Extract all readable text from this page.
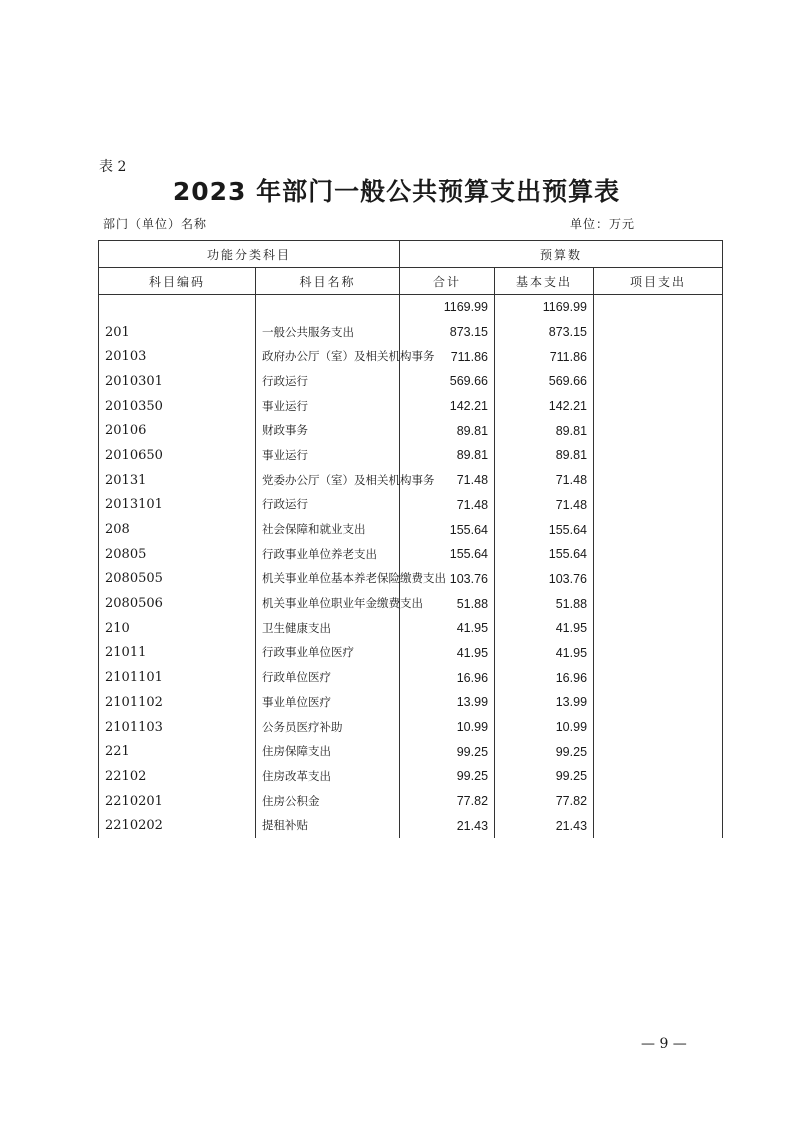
表 2
2023 年部门一般公共预算支出预算表
部门（单位）名称	单位：万元
功能分类科目		预算数		
科目编码	科目名称	合计	基本支出	项目支出
		1169.99	1169.99	
201	一般公共服务支出	873.15	873.15	
20103	政府办公厅（室）及相关机构事务	711.86	711.86	
2010301	行政运行	569.66	569.66	
2010350	事业运行	142.21	142.21	
20106	财政事务	89.81	89.81	
2010650	事业运行	89.81	89.81	
20131	党委办公厅（室）及相关机构事务	71.48	71.48	
2013101	行政运行	71.48	71.48	
208	社会保障和就业支出	155.64	155.64	
20805	行政事业单位养老支出	155.64	155.64	
2080505	机关事业单位基本养老保险缴费支出	103.76	103.76	
2080506	机关事业单位职业年金缴费支出	51.88	51.88	
210	卫生健康支出	41.95	41.95	
21011	行政事业单位医疗	41.95	41.95	
2101101	行政单位医疗	16.96	16.96	
2101102	事业单位医疗	13.99	13.99	
2101103	公务员医疗补助	10.99	10.99	
221	住房保障支出	99.25	99.25	
22102	住房改革支出	99.25	99.25	
2210201	住房公积金	77.82	77.82	
2210202	提租补贴	21.43	21.43	
— 9 —
